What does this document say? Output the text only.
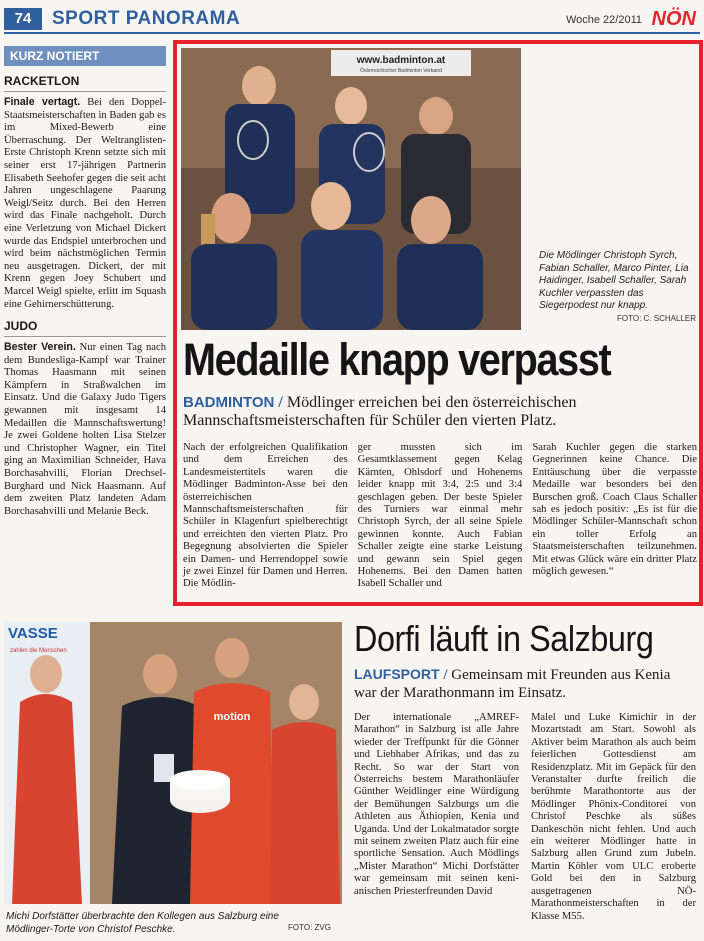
74	SPORT PANORAMA	Woche 22/2011 NÖN
KURZ NOTIERT
RACKETLON

Finale vertagt. Bei den Doppel-Staatsmeisterschaften in Baden gab es im Mixed-Bewerb eine Überraschung. Der Weltranglisten-Erste Christoph Krenn setzte sich mit seiner erst 17-jährigen Partnerin Elisabeth Seehofer gegen die seit acht Jahren ungeschlagene Paarung Weigl/Seitz durch. Bei den Herren wird das Finale nachgeholt. Durch eine Verletzung von Michael Dickert wurde das Endspiel unterbrochen und wird beim nächstmöglichen Termin neu ausgetragen. Dickert, der mit Krenn gegen Joey Schubert und Marcel Weigl spielte, erlitt im Squash eine Gehirnerschütterung.

JUDO

Bester Verein. Nur einen Tag nach dem Bundesliga-Kampf war Trainer Thomas Haasmann mit seinen Kämpfern in Straßwalchen im Einsatz. Und die Galaxy Judo Tigers gewannen mit insgesamt 14 Medaillen die Mannschaftswertung! Je zwei Goldene holten Lisa Stelzer und Christopher Wagner, ein Titel ging an Maximilian Schneider, Hava Borchasahvilli, Florian Drechsel-Burghard und Nick Haasmann. Auf dem zweiten Platz landeten Adam Borchasahvilli und Melanie Beck.

www.badminton.at
Österreichischer Badminton Verband
Die Mödlinger Christoph Syrch, Fabian Schaller, Marco Pinter, Lia Haidinger, Isabell Schaller, Sarah Kuchler verpassten das Siegerpodest nur knapp.
FOTO: C. SCHALLER
Medaille knapp verpasst
BADMINTON / Mödlinger erreichen bei den österreichischen Mannschaftsmeisterschaften für Schüler den vierten Platz.
Nach der erfolgreichen Qualifikation und dem Erreichen des Landesmeistertitels waren die Mödlinger Badminton-Asse bei den österreichischen Mannschaftsmeisterschaften für Schüler in Klagenfurt spielberechtigt und erreichten den vierten Platz. Pro Begegnung absolvierten die Spieler ein Damen- und Herrendoppel sowie je zwei Einzel für Damen und Herren. Die Mödlin-
ger mussten sich im Gesamtklassement gegen Kelag Kärnten, Ohlsdorf und Hohenems leider knapp mit 3:4, 2:5 und 3:4 geschlagen geben. Der beste Spieler des Turniers war einmal mehr Christoph Syrch, der all seine Spiele gewinnen konnte. Auch Fabian Schaller zeigte eine starke Leistung und gewann sein Spiel gegen Hohenems. Bei den Damen hatten Isabell Schaller und
Sarah Kuchler gegen die starken Gegnerinnen keine Chance. Die Enttäuschung über die verpasste Medaille war besonders bei den Burschen groß. Coach Claus Schaller sah es jedoch positiv: „Es ist für die Mödlinger Schüler-Mannschaft schon ein toller Erfolg an Staatsmeisterschaften teilzunehmen. Mit etwas Glück wäre ein dritter Platz möglich gewesen.“
VASSE
zahlen die Menschen
motion
Michi Dorfstätter überbrachte den Kollegen aus Salzburg eine Mödlinger-Torte von Christof Peschke.	FOTO: ZVG
Dorfi läuft in Salzburg
LAUFSPORT / Gemeinsam mit Freunden aus Kenia war der Marathonmann im Einsatz.
Der internationale „AMREF-Marathon“ in Salzburg ist alle Jahre wieder der Treffpunkt für die Gönner und Liebhaber Afrikas, und das zu Recht. So war der Start von Österreichs bestem Marathonläufer Günther Weidlinger eine Würdigung der Bemühungen Salzburgs um die Athleten aus Äthiopien, Kenia und Uganda. Und der Lokalmatador sorgte mit seinem zweiten Platz auch für eine sportliche Sensation. Auch Mödlings „Mister Marathon“ Michi Dorfstätter war gemeinsam mit seinen kenianischen Priesterfreunden David
Malel und Luke Kimichir in der Mozartstadt am Start. Sowohl als Aktiver beim Marathon als auch beim feierlichen Gottesdienst am Residenzplatz. Mit im Gepäck für den Veranstalter durfte freilich die berühmte Marathontorte aus der Mödlinger Phönix-Conditorei von Christof Peschke als süßes Dankeschön nicht fehlen. Und auch ein weiterer Mödlinger hatte in Salzburg allen Grund zum Jubeln. Martin Köhler vom ULC eroberte Gold bei den in Salzburg ausgetragenen NÖ-Marathonmeisterschaften in der Klasse M55.
